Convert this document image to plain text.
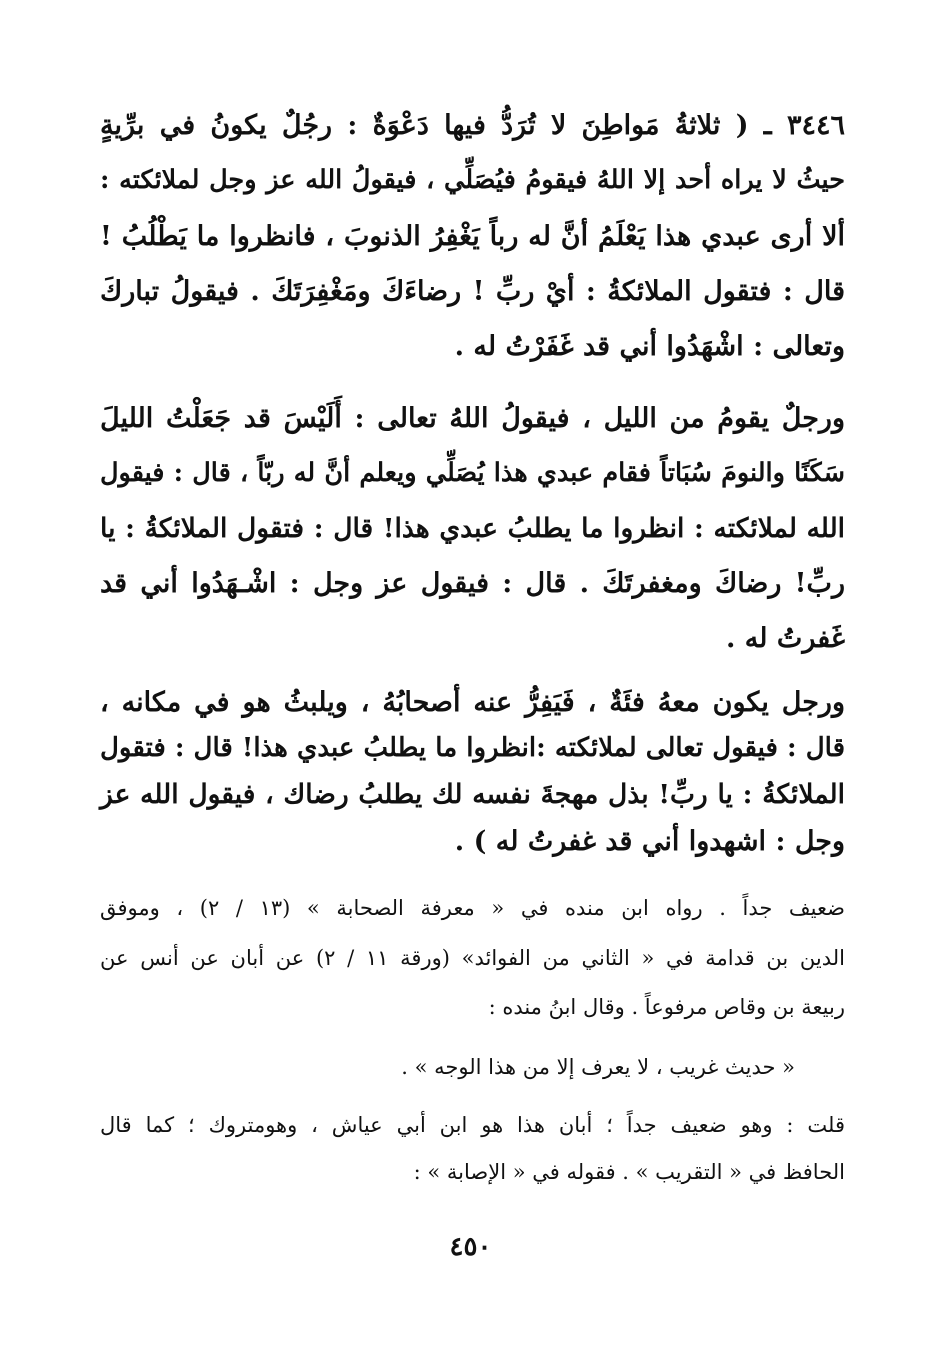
٣٤٤٦ ـ ( ثلاثةُ مَواطِنَ لا تُرَدُّ فيها دَعْوَةٌ : رجُلٌ يكونُ في برِّيةٍ
حيثُ لا يراه أحد إلا اللهُ فيقومُ فيُصَلِّي ، فيقولُ الله عز وجل لملائكته :
ألا أرى عبدي هذا يَعْلَمُ أنَّ له رباً يَغْفِرُ الذنوبَ ، فانظروا ما يَطْلُبُ !
قال : فتقول الملائكةُ : أيْ ربِّ ! رضاءَكَ ومَغْفِرَتَكَ . فيقولُ تباركَ
وتعالى : اشْهَدُوا أني قد غَفَرْتُ له .
ورجلٌ يقومُ من الليل ، فيقولُ اللهُ تعالى : أَلَيْسَ قد جَعَلْتُ الليلَ
سَكَنًا والنومَ سُبَاتاً فقام عبدي هذا يُصَلِّي ويعلم أنَّ له ربّاً ، قال : فيقول
الله لملائكته : انظروا ما يطلبُ عبدي هذا! قال : فتقول الملائكةُ : يا
ربِّ! رضاكَ ومغفرتَكَ . قال : فيقول عز وجل : اشْـهَدُوا أني قد
غَفرتُ له .
ورجل يكون معهُ فئَةٌ ، فَيَفِرُّ عنه أصحابُهُ ، ويلبثُ هو في مكانه ،
قال : فيقول تعالى لملائكته :انظروا ما يطلبُ عبدي هذا! قال : فتقول
الملائكةُ : يا ربِّ! بذل مهجةَ نفسه لك يطلبُ رضاك ، فيقول الله عز
وجل : اشهدوا أني قد غفرتُ له ) .
ضعيف جداً . رواه ابن منده في « معرفة الصحابة » (١٣ / ٢) ، وموفق
الدين بن قدامة في « الثاني من الفوائد» (ورقة ١١ / ٢) عن أبان عن أنس عن
ربيعة بن وقاص مرفوعاً . وقال ابنُ منده :
« حديث غريب ، لا يعرف إلا من هذا الوجه » .
قلت : وهو ضعيف جداً ؛ أبان هذا هو ابن أبي عياش ، وهومتروك ؛ كما قال
الحافظ في « التقريب » . فقوله في « الإصابة » :
٤٥٠
